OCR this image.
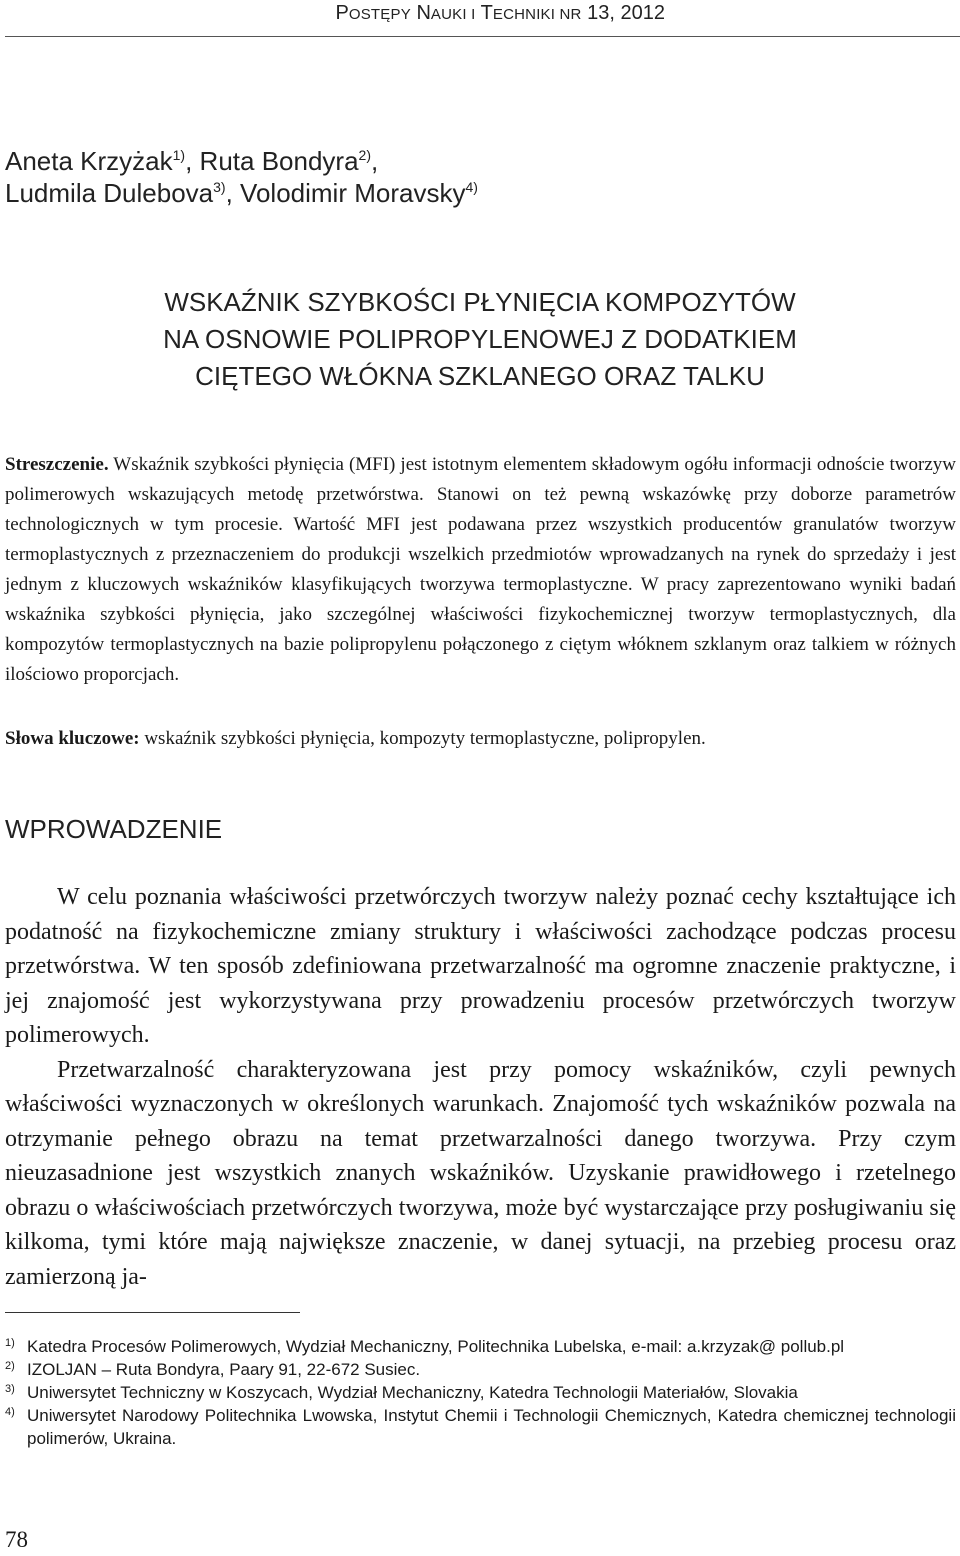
POSTĘPY NAUKI I TECHNIKI NR 13, 2012
Aneta Krzyżak$^{1)}$, Ruta Bondyra$^{2)}$,
Ludmila Dulebova$^{3)}$, Volodimir Moravsky$^{4)}$
WSKAŹNIK SZYBKOŚCI PŁYNIĘCIA KOMPOZYTÓW
NA OSNOWIE POLIPROPYLENOWEJ Z DODATKIEM
CIĘTEGO WŁÓKNA SZKLANEGO ORAZ TALKU
Streszczenie. Wskaźnik szybkości płynięcia (MFI) jest istotnym elementem składowym ogółu informacji odnoście tworzyw polimerowych wskazujących metodę przetwórstwa. Stanowi on też pewną wskazówkę przy doborze parametrów technologicznych w tym procesie. Wartość MFI jest podawana przez wszystkich producentów granulatów tworzyw termoplastycznych z przeznaczeniem do produkcji wszelkich przedmiotów wprowadzanych na rynek do sprzedaży i jest jednym z kluczowych wskaźników klasyfikujących tworzywa termoplastyczne. W pracy zaprezentowano wyniki badań wskaźnika szybkości płynięcia, jako szczególnej właściwości fizykochemicznej tworzyw termoplastycznych, dla kompozytów termoplastycznych na bazie polipropylenu połączonego z ciętym włóknem szklanym oraz talkiem w różnych ilościowo proporcjach.
Słowa kluczowe: wskaźnik szybkości płynięcia, kompozyty termoplastyczne, polipropylen.
WPROWADZENIE

W celu poznania właściwości przetwórczych tworzyw należy poznać cechy kształtujące ich podatność na fizykochemiczne zmiany struktury i właściwości zachodzące podczas procesu przetwórstwa. W ten sposób zdefiniowana przetwarzalność ma ogromne znaczenie praktyczne, i jej znajomość jest wykorzystywana przy prowadzeniu procesów przetwórczych tworzyw polimerowych.

Przetwarzalność charakteryzowana jest przy pomocy wskaźników, czyli pewnych właściwości wyznaczonych w określonych warunkach. Znajomość tych wskaźników pozwala na otrzymanie pełnego obrazu na temat przetwarzalności danego tworzywa. Przy czym nieuzasadnione jest wszystkich znanych wskaźników. Uzyskanie prawidłowego i rzetelnego obrazu o właściwościach przetwórczych tworzywa, może być wystarczające przy posługiwaniu się kilkoma, tymi które mają największe znaczenie, w danej sytuacji, na przebieg procesu oraz zamierzoną ja-

1) Katedra Procesów Polimerowych, Wydział Mechaniczny, Politechnika Lubelska, e-mail: a.krzyzak@ pollub.pl
2) IZOLJAN – Ruta Bondyra, Paary 91, 22-672 Susiec.
3) Uniwersytet Techniczny w Koszycach, Wydział Mechaniczny, Katedra Technologii Materiałów, Slovakia
4) Uniwersytet Narodowy Politechnika Lwowska, Instytut Chemii i Technologii Chemicznych, Katedra chemicznej technologii polimerów, Ukraina.
78
